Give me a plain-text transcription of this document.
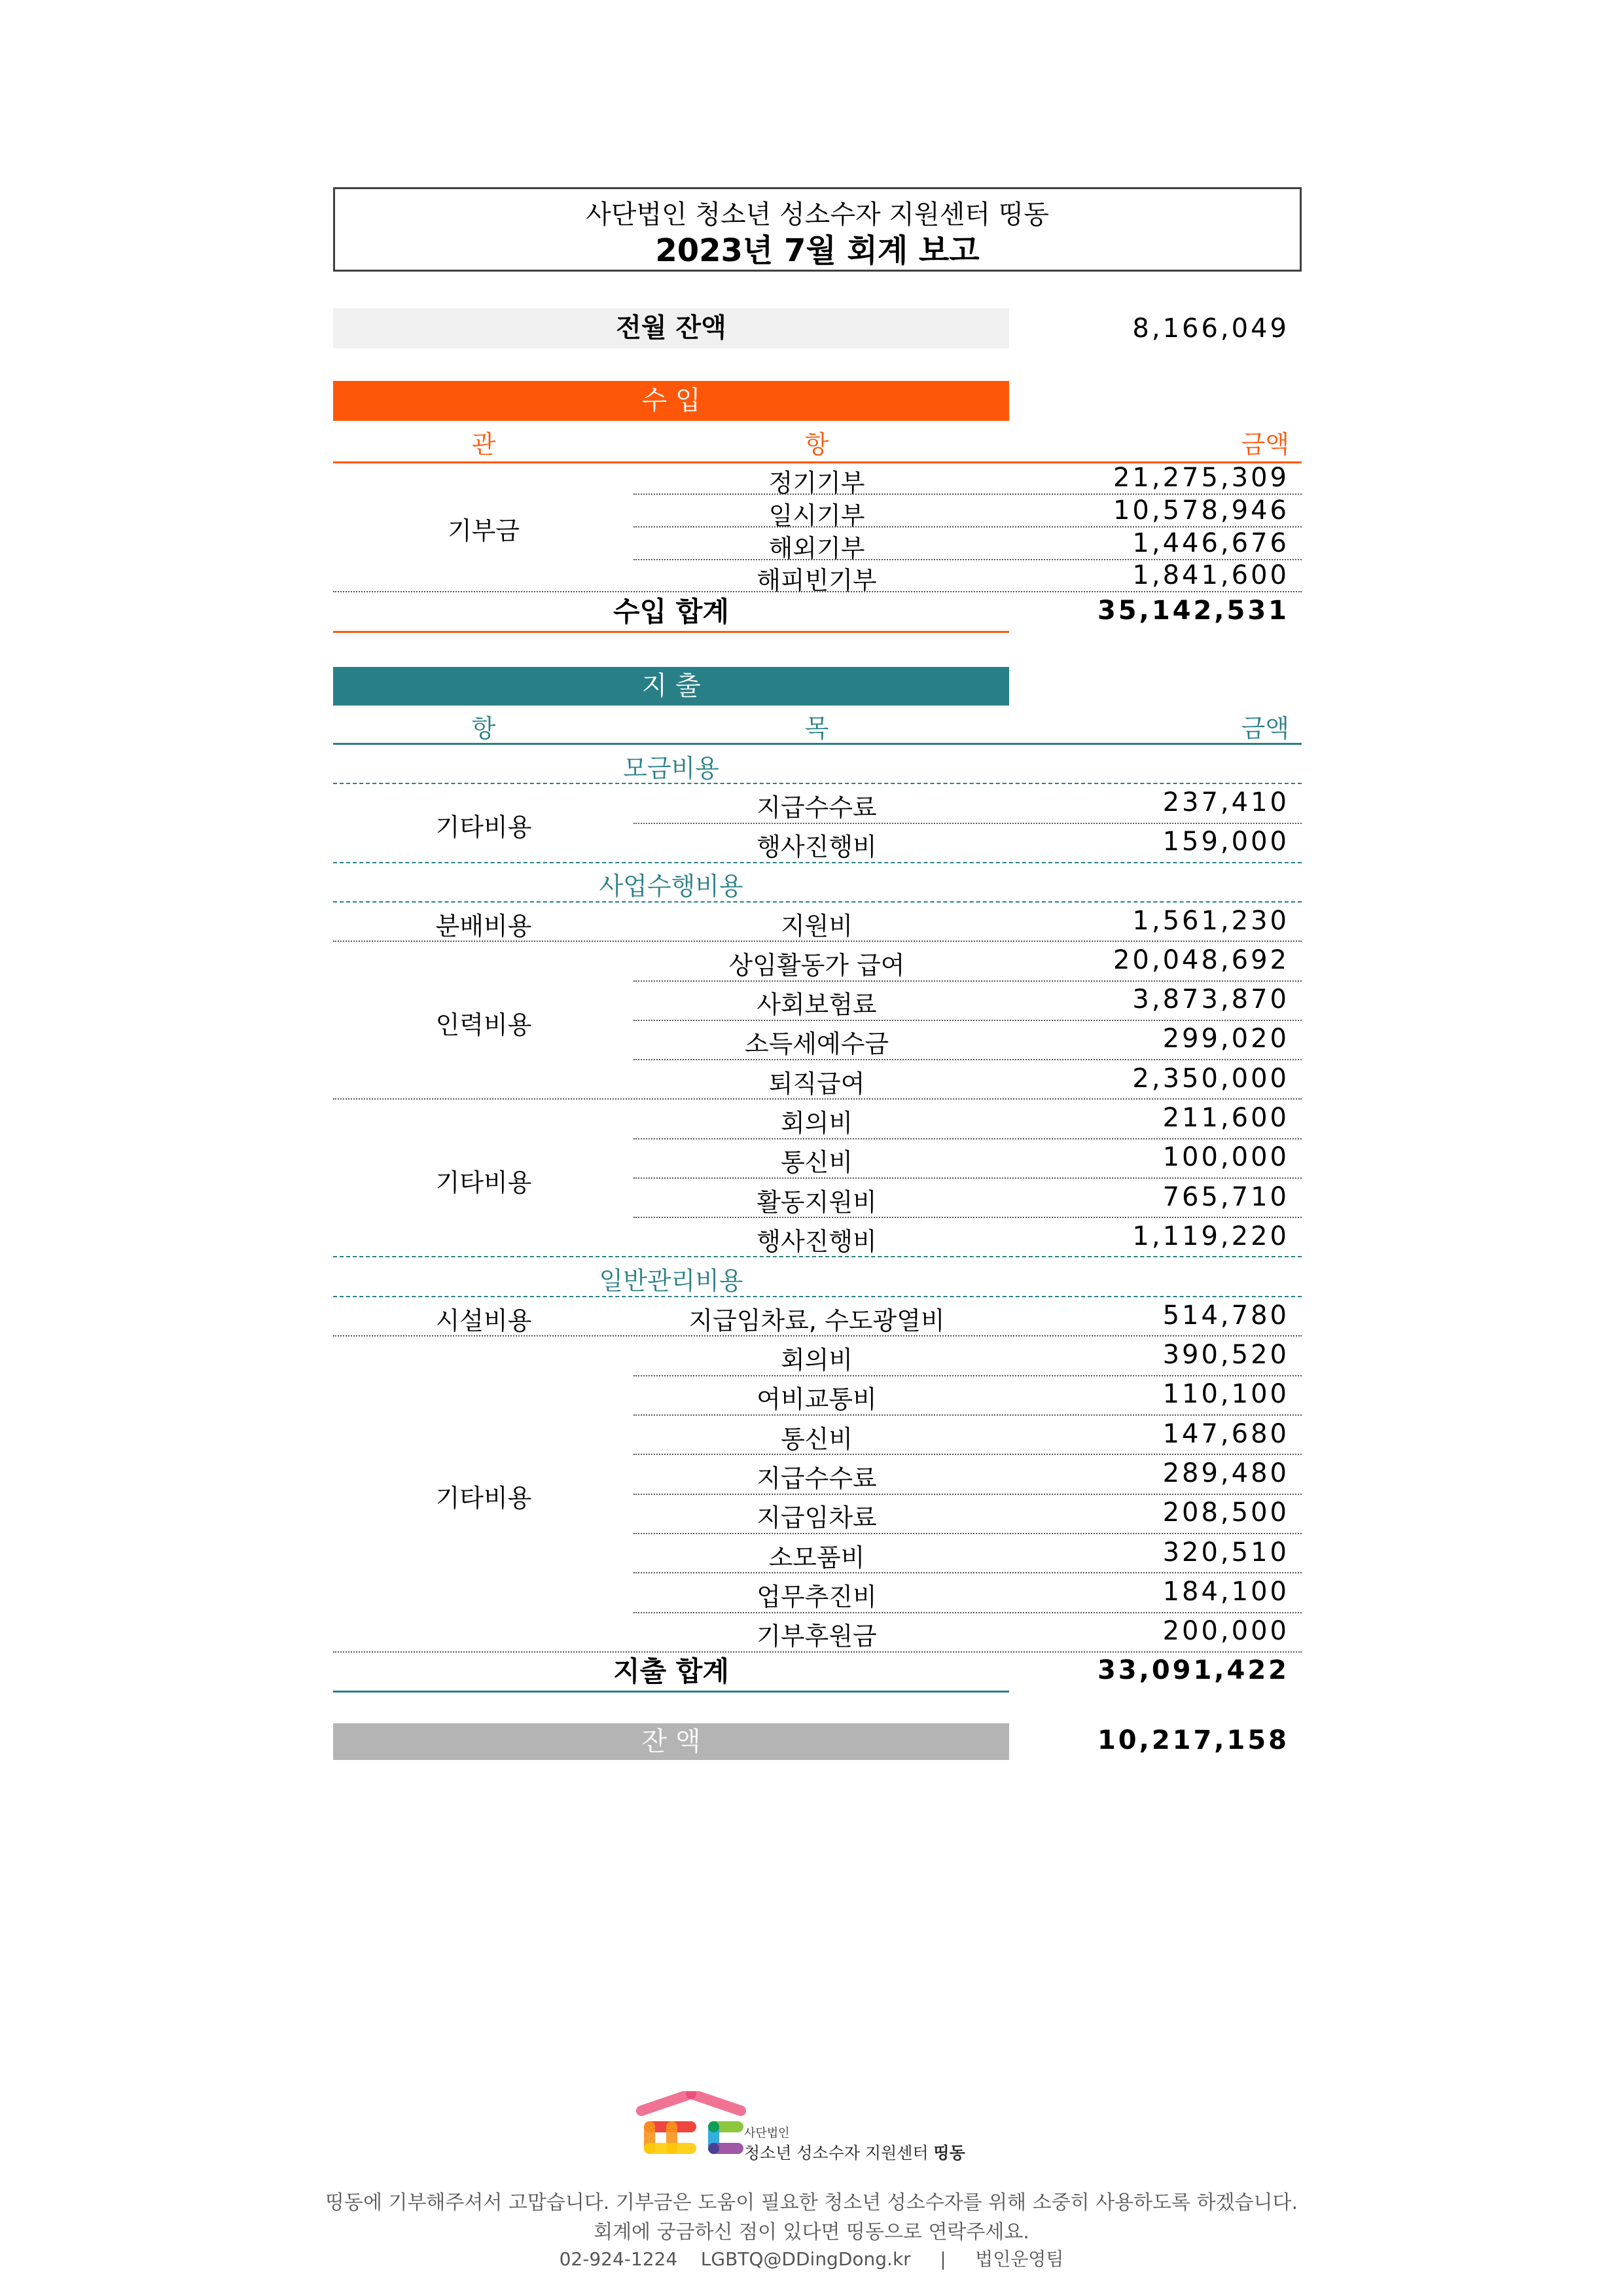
사단법인 청소년 성소수자 지원센터 띵동
2023년 7월 회계 보고
전월 잔액	8,166,049
수 입
관	항	금액
기부금
정기기부	21,275,309
일시기부	10,578,946
해외기부	1,446,676
해피빈기부	1,841,600
수입 합계	35,142,531
지 출
항	목	금액
모금비용
기타비용
지급수수료	237,410
행사진행비	159,000
사업수행비용
분배비용	지원비	1,561,230
인력비용
상임활동가 급여	20,048,692
사회보험료	3,873,870
소득세예수금	299,020
퇴직급여	2,350,000
기타비용
회의비	211,600
통신비	100,000
활동지원비	765,710
행사진행비	1,119,220
일반관리비용
시설비용	지급임차료, 수도광열비	514,780
기타비용
회의비	390,520
여비교통비	110,100
통신비	147,680
지급수수료	289,480
지급임차료	208,500
소모품비	320,510
업무추진비	184,100
기부후원금	200,000
지출 합계	33,091,422
잔 액	10,217,158
사단법인
청소년 성소수자 지원센터 띵동
띵동에 기부해주셔서 고맙습니다. 기부금은 도움이 필요한 청소년 성소수자를 위해 소중히 사용하도록 하겠습니다.
회계에 궁금하신 점이 있다면 띵동으로 연락주세요.
02-924-1224 LGBTQ@DDingDong.kr | 법인운영팀
